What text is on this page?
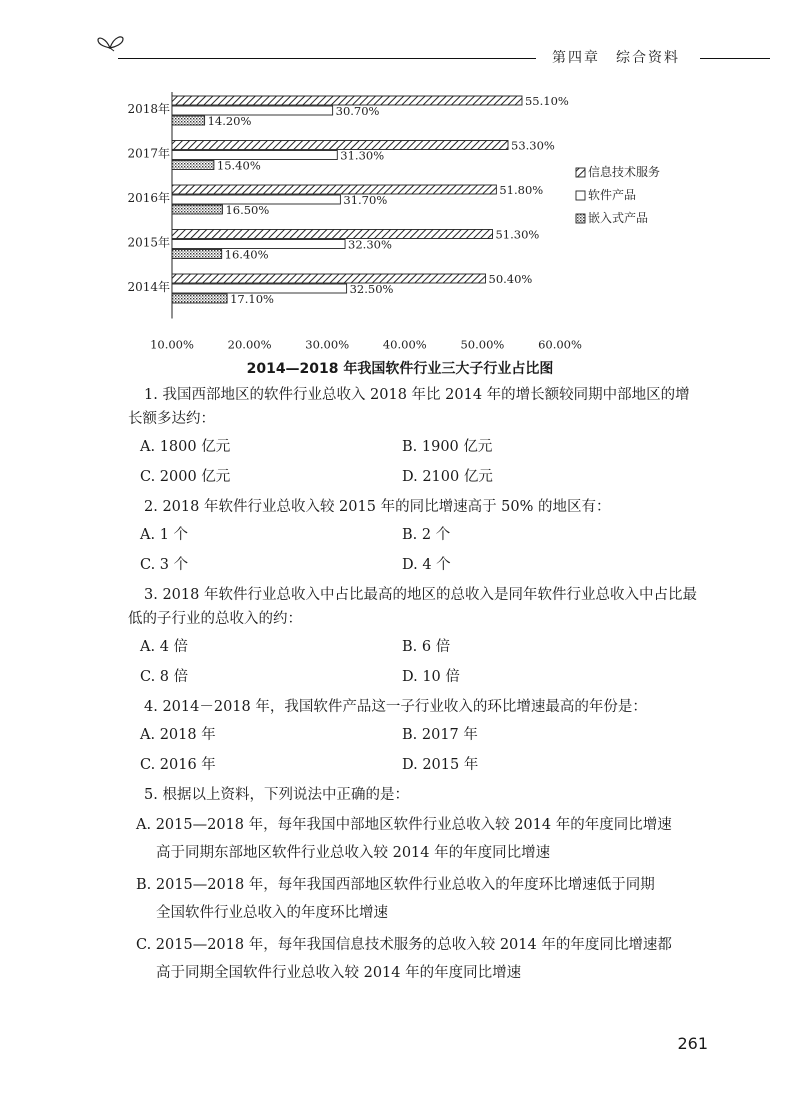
第四章　综合资料
2018年
55.10%
30.70%
14.20%
2017年
53.30%
31.30%
15.40%
2016年
51.80%
31.70%
16.50%
2015年
51.30%
32.30%
16.40%
2014年
50.40%
32.50%
17.10%
10.00%	20.00%	30.00%	40.00%	50.00%	60.00%
信息技术服务
软件产品
嵌入式产品
2014—2018 年我国软件行业三大子行业占比图

1. 我国西部地区的软件行业总收入 2018 年比 2014 年的增长额较同期中部地区的增长额多达约：

A. 1800 亿元	B. 1900 亿元
C. 2000 亿元	D. 2100 亿元

2. 2018 年软件行业总收入较 2015 年的同比增速高于 50% 的地区有：

A. 1 个	B. 2 个
C. 3 个	D. 4 个

3. 2018 年软件行业总收入中占比最高的地区的总收入是同年软件行业总收入中占比最低的子行业的总收入的约：

A. 4 倍	B. 6 倍
C. 8 倍	D. 10 倍

4. 2014－2018 年，我国软件产品这一子行业收入的环比增速最高的年份是：

A. 2018 年	B. 2017 年
C. 2016 年	D. 2015 年

5. 根据以上资料，下列说法中正确的是：

A. 2015—2018 年，每年我国中部地区软件行业总收入较 2014 年的年度同比增速
高于同期东部地区软件行业总收入较 2014 年的年度同比增速
B. 2015—2018 年，每年我国西部地区软件行业总收入的年度环比增速低于同期
全国软件行业总收入的年度环比增速
C. 2015—2018 年，每年我国信息技术服务的总收入较 2014 年的年度同比增速都
高于同期全国软件行业总收入较 2014 年的年度同比增速
261
